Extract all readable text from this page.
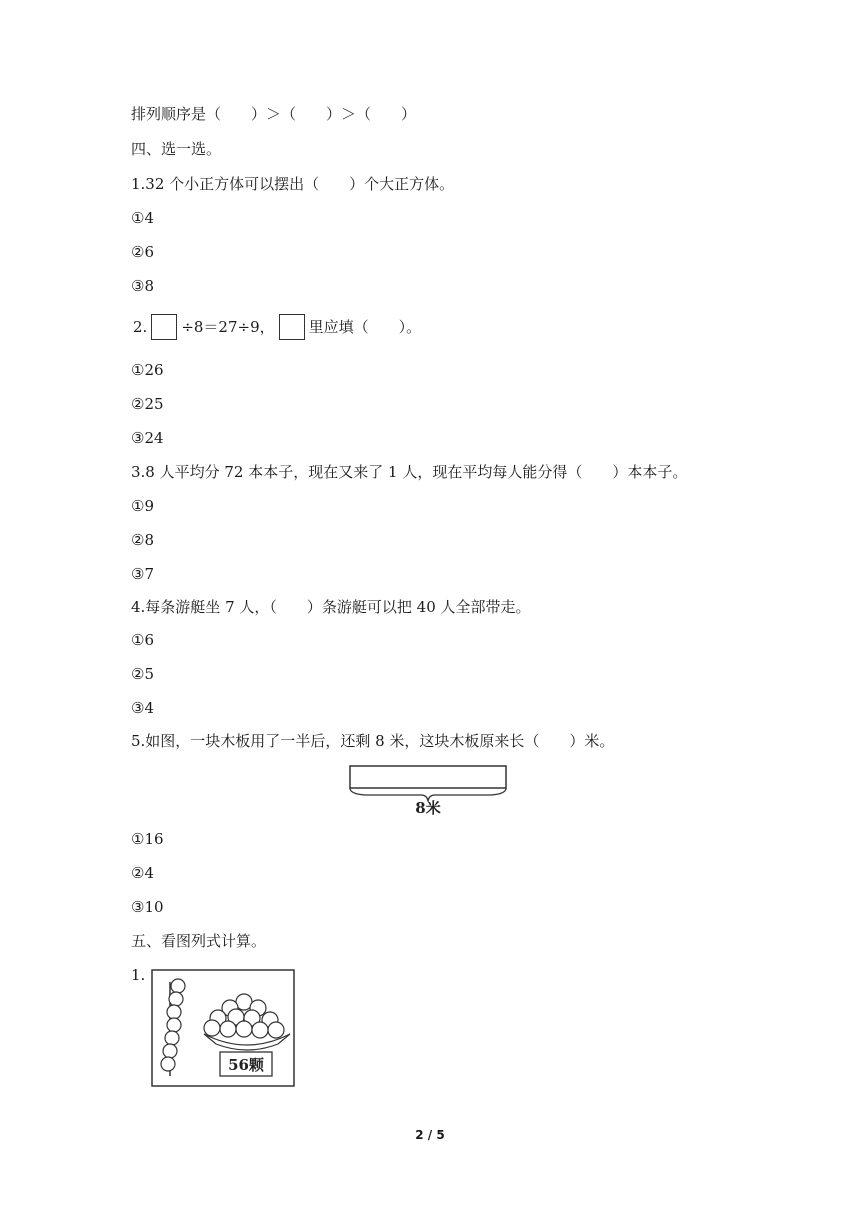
排列顺序是（　　）＞（　　）＞（　　）
四、选一选。
1.32 个小正方体可以摆出（　　）个大正方体。
①4
②6
③8
2. ÷8＝27÷9， 里应填（　　）。
①26
②25
③24
3.8 人平均分 72 本本子，现在又来了 1 人，现在平均每人能分得（　　）本本子。
①9
②8
③7
4.每条游艇坐 7 人，（　　）条游艇可以把 40 人全部带走。
①6
②5
③4
5.如图，一块木板用了一半后，还剩 8 米，这块木板原来长（　　）米。
8米
①16
②4
③10
五、看图列式计算。
1.
56颗
2 / 5
